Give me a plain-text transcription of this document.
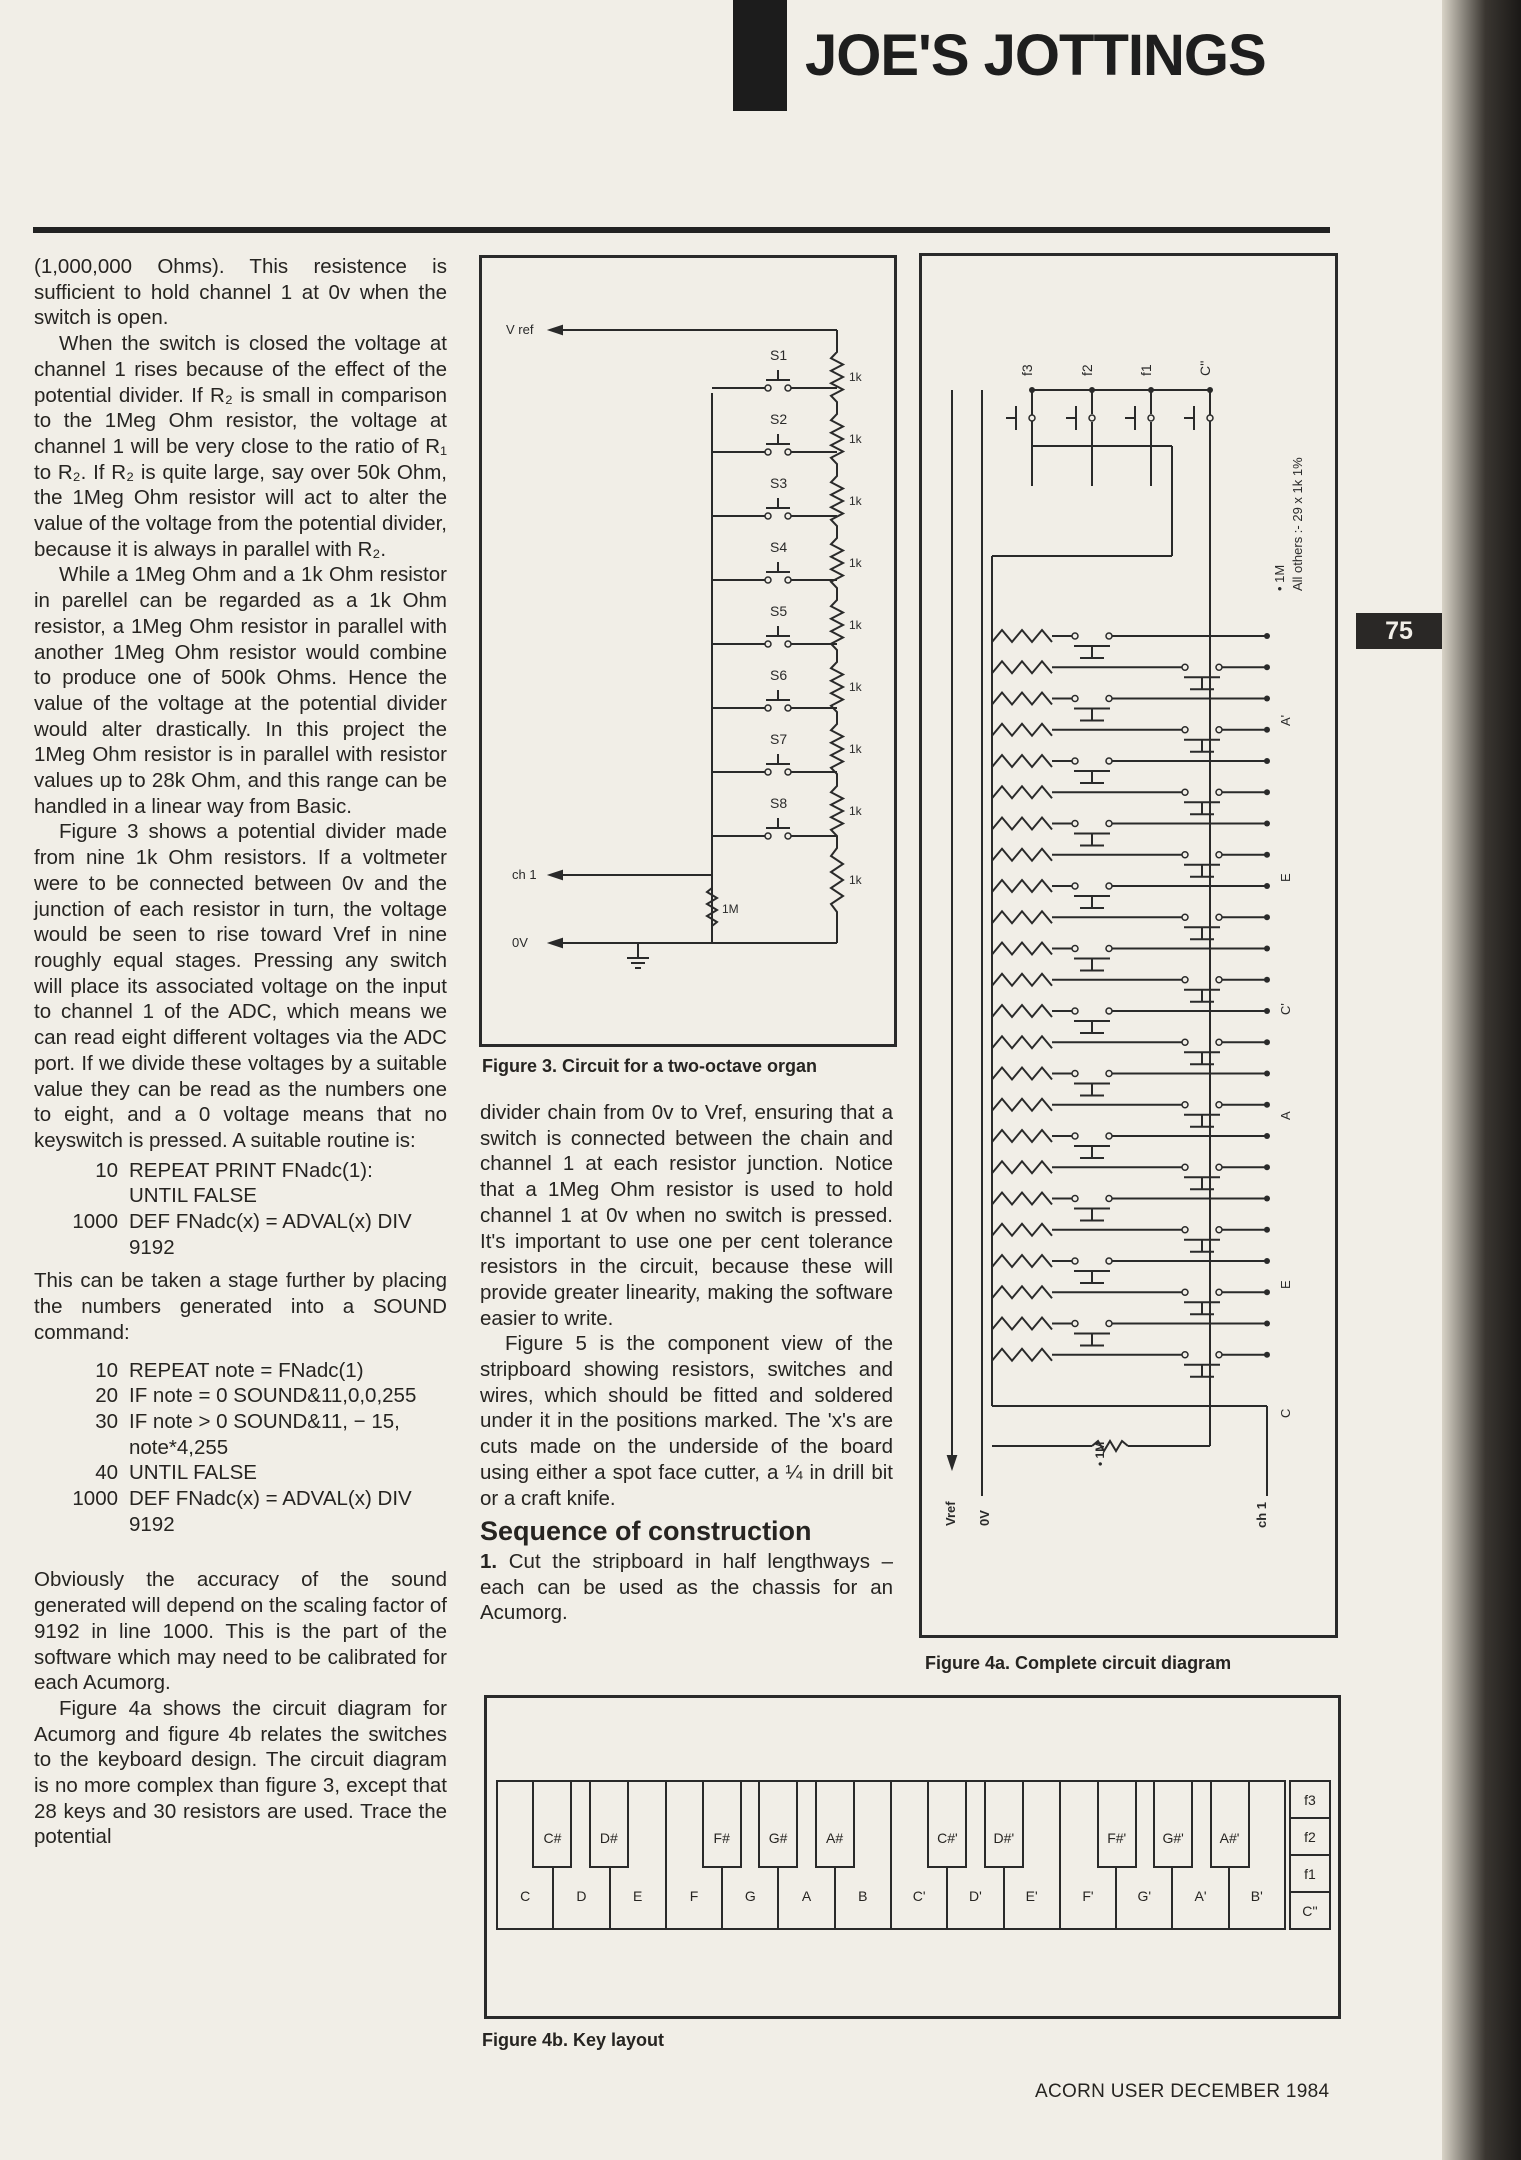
JOE'S JOTTINGS
75

(1,000,000 Ohms). This resistence is sufficient to hold channel 1 at 0v when the switch is open.

When the switch is closed the voltage at channel 1 rises because of the effect of the potential divider. If R₂ is small in comparison to the 1Meg Ohm resistor, the voltage at channel 1 will be very close to the ratio of R₁ to R₂. If R₂ is quite large, say over 50k Ohm, the 1Meg Ohm resistor will act to alter the value of the voltage from the potential divider, because it is always in parallel with R₂.

While a 1Meg Ohm and a 1k Ohm resistor in parellel can be regarded as a 1k Ohm resistor, a 1Meg Ohm resistor in parallel with another 1Meg Ohm resistor would combine to produce one of 500k Ohms. Hence the value of the voltage at the potential divider would alter drastically. In this project the 1Meg Ohm resistor is in parallel with resistor values up to 28k Ohm, and this range can be handled in a linear way from Basic.

Figure 3 shows a potential divider made from nine 1k Ohm resistors. If a voltmeter were to be connected between 0v and the junction of each resistor in turn, the voltage would be seen to rise toward Vref in nine roughly equal stages. Pressing any switch will place its associated voltage on the input to channel 1 of the ADC, which means we can read eight different voltages via the ADC port. If we divide these voltages by a suitable value they can be read as the numbers one to eight, and a 0 voltage means that no keyswitch is pressed. A suitable routine is:

10 REPEAT PRINT FNadc(1):
UNTIL FALSE
1000 DEF FNadc(x) = ADVAL(x) DIV
9192

This can be taken a stage further by placing the numbers generated into a SOUND command:

10 REPEAT note = FNadc(1)
20 IF note = 0 SOUND&11,0,0,255
30 IF note > 0 SOUND&11, − 15,
note*4,255
40 UNTIL FALSE
1000 DEF FNadc(x) = ADVAL(x) DIV
9192

Obviously the accuracy of the sound generated will depend on the scaling factor of 9192 in line 1000. This is the part of the software which may need to be calibrated for each Acumorg.

Figure 4a shows the circuit diagram for Acumorg and figure 4b relates the switches to the keyboard design. The circuit diagram is no more complex than figure 3, except that 28 keys and 30 resistors are used. Trace the potential

1k
1k
1k
1k
1k
1k
1k
1k
1k
S1
S2
S3
S4
S5
S6
S7
S8
V ref
ch 1
0V
1M
Figure 3. Circuit for a two-octave organ

divider chain from 0v to Vref, ensuring that a switch is connected between the chain and channel 1 at each resistor junction. Notice that a 1Meg Ohm resistor is used to hold channel 1 at 0v when no switch is pressed. It's important to use one per cent tolerance resistors in the circuit, because these will provide greater linearity, making the software easier to write.

Figure 5 is the component view of the stripboard showing resistors, switches and wires, which should be fitted and soldered under it in the positions marked. The 'x's are cuts made on the underside of the board using either a spot face cutter, a ¼ in drill bit or a craft knife.

Sequence of construction

1. Cut the stripboard in half lengthways – each can be used as the chassis for an Acumorg.

f3	f2	f1	C''
• 1M All others :- 29 x 1k 1%
A'
E
C'
A
E
C
Vref 0V	ch 1
• 1M
Figure 4a. Complete circuit diagram
C	D	E	F	G	A	B	C'	D'	E'	F'	G'	A'	B'
C#	D#	F#	G#	A#	C#'	D#'	F#'	G#'	A#'
f3
f2
f1
C''
Figure 4b. Key layout
ACORN USER DECEMBER 1984
